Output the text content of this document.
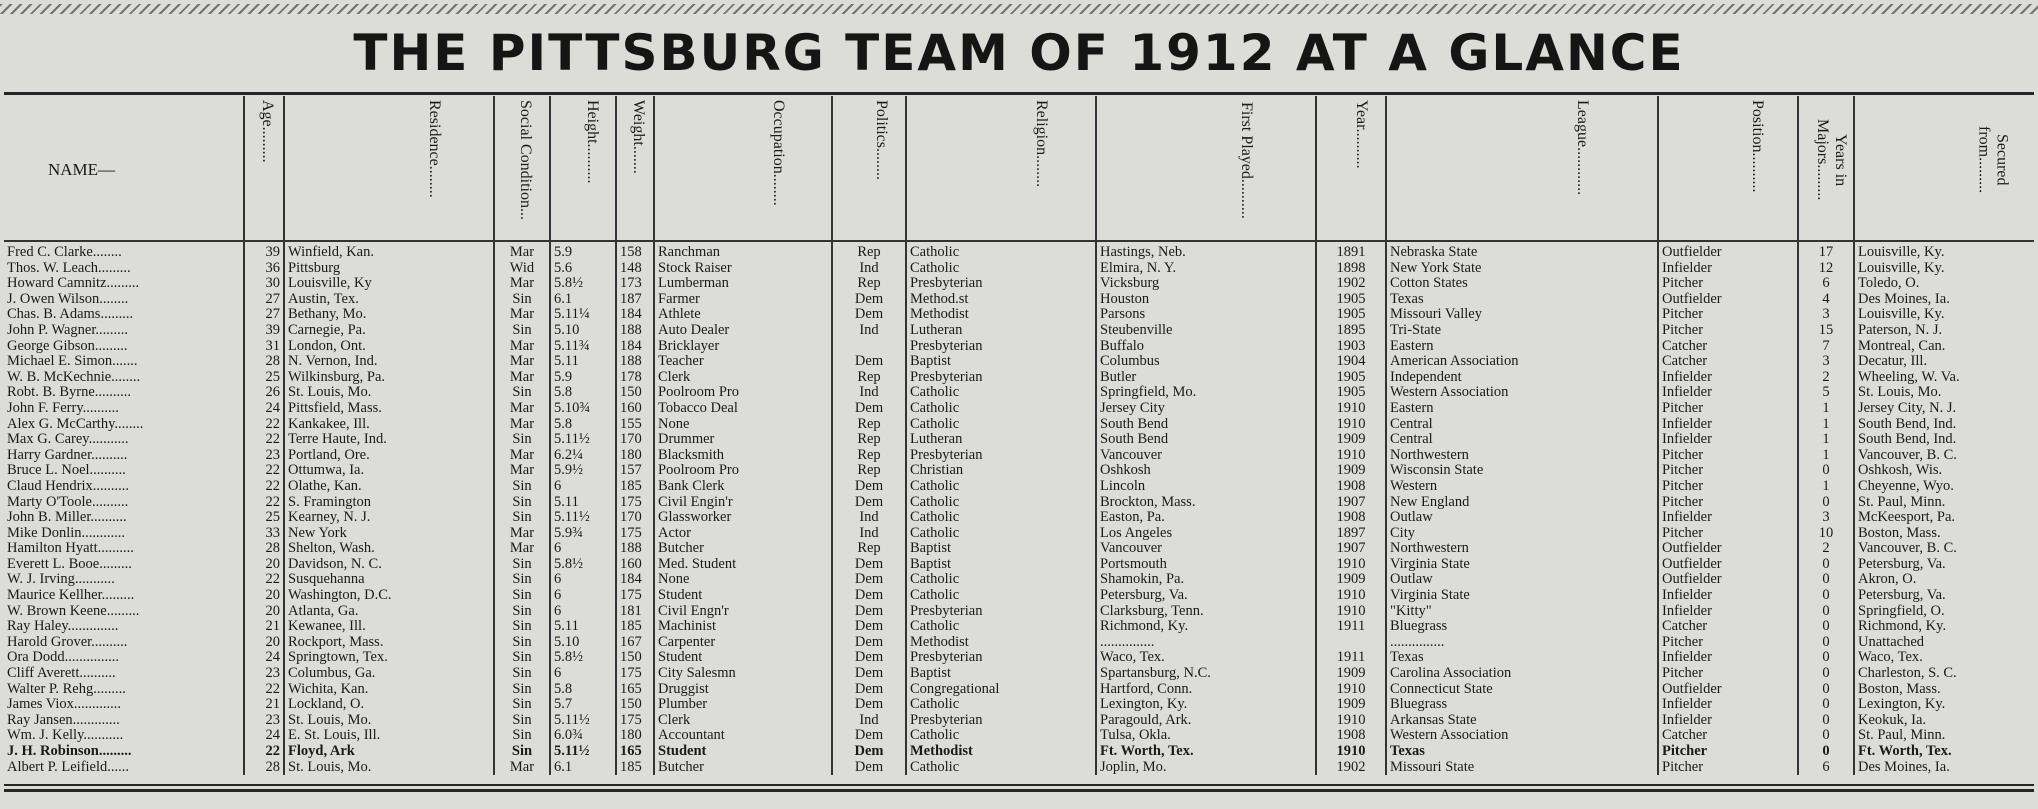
THE PITTSBURG TEAM OF 1912 AT A GLANCE
NAME—	Age.........	Residence........	Social Condition...	Height..........	Weight.......	Occupation........	Politics........	Religion........	First Played..........	Year..........	League............	Position..........	Years in Majors.........	Secured from.........
Fred C. Clarke........	39	Winfield, Kan.	Mar	5.9	158	Ranchman	Rep	Catholic	Hastings, Neb.	1891	Nebraska State	Outfielder	17	Louisville, Ky.
Thos. W. Leach.........	36	Pittsburg	Wid	5.6	148	Stock Raiser	Ind	Catholic	Elmira, N. Y.	1898	New York State	Infielder	12	Louisville, Ky.
Howard Camnitz.........	30	Louisville, Ky	Mar	5.8½	173	Lumberman	Rep	Presbyterian	Vicksburg	1902	Cotton States	Pitcher	6	Toledo, O.
J. Owen Wilson........	27	Austin, Tex.	Sin	6.1	187	Farmer	Dem	Method.st	Houston	1905	Texas	Outfielder	4	Des Moines, Ia.
Chas. B. Adams.........	27	Bethany, Mo.	Mar	5.11¼	184	Athlete	Dem	Methodist	Parsons	1905	Missouri Valley	Pitcher	3	Louisville, Ky.
John P. Wagner.........	39	Carnegie, Pa.	Sin	5.10	188	Auto Dealer	Ind	Lutheran	Steubenville	1895	Tri-State	Pitcher	15	Paterson, N. J.
George Gibson.........	31	London, Ont.	Mar	5.11¾	184	Bricklayer		Presbyterian	Buffalo	1903	Eastern	Catcher	7	Montreal, Can.
Michael E. Simon.......	28	N. Vernon, Ind.	Mar	5.11	188	Teacher	Dem	Baptist	Columbus	1904	American Association	Catcher	3	Decatur, Ill.
W. B. McKechnie........	25	Wilkinsburg, Pa.	Mar	5.9	178	Clerk	Rep	Presbyterian	Butler	1905	Independent	Infielder	2	Wheeling, W. Va.
Robt. B. Byrne..........	26	St. Louis, Mo.	Sin	5.8	150	Poolroom Pro	Ind	Catholic	Springfield, Mo.	1905	Western Association	Infielder	5	St. Louis, Mo.
John F. Ferry..........	24	Pittsfield, Mass.	Mar	5.10¾	160	Tobacco Deal	Dem	Catholic	Jersey City	1910	Eastern	Pitcher	1	Jersey City, N. J.
Alex G. McCarthy........	22	Kankakee, Ill.	Mar	5.8	155	None	Rep	Catholic	South Bend	1910	Central	Infielder	1	South Bend, Ind.
Max G. Carey...........	22	Terre Haute, Ind.	Sin	5.11½	170	Drummer	Rep	Lutheran	South Bend	1909	Central	Infielder	1	South Bend, Ind.
Harry Gardner..........	23	Portland, Ore.	Mar	6.2¼	180	Blacksmith	Rep	Presbyterian	Vancouver	1910	Northwestern	Pitcher	1	Vancouver, B. C.
Bruce L. Noel..........	22	Ottumwa, Ia.	Mar	5.9½	157	Poolroom Pro	Rep	Christian	Oshkosh	1909	Wisconsin State	Pitcher	0	Oshkosh, Wis.
Claud Hendrix..........	22	Olathe, Kan.	Sin	6	185	Bank Clerk	Dem	Catholic	Lincoln	1908	Western	Pitcher	1	Cheyenne, Wyo.
Marty O'Toole..........	22	S. Framington	Sin	5.11	175	Civil Engin'r	Dem	Catholic	Brockton, Mass.	1907	New England	Pitcher	0	St. Paul, Minn.
John B. Miller..........	25	Kearney, N. J.	Sin	5.11½	170	Glassworker	Ind	Catholic	Easton, Pa.	1908	Outlaw	Infielder	3	McKeesport, Pa.
Mike Donlin............	33	New York	Mar	5.9¾	175	Actor	Ind	Catholic	Los Angeles	1897	City	Pitcher	10	Boston, Mass.
Hamilton Hyatt..........	28	Shelton, Wash.	Mar	6	188	Butcher	Rep	Baptist	Vancouver	1907	Northwestern	Outfielder	2	Vancouver, B. C.
Everett L. Booe.........	20	Davidson, N. C.	Sin	5.8½	160	Med. Student	Dem	Baptist	Portsmouth	1910	Virginia State	Outfielder	0	Petersburg, Va.
W. J. Irving...........	22	Susquehanna	Sin	6	184	None	Dem	Catholic	Shamokin, Pa.	1909	Outlaw	Outfielder	0	Akron, O.
Maurice Kellher.........	20	Washington, D.C.	Sin	6	175	Student	Dem	Catholic	Petersburg, Va.	1910	Virginia State	Infielder	0	Petersburg, Va.
W. Brown Keene.........	20	Atlanta, Ga.	Sin	6	181	Civil Engn'r	Dem	Presbyterian	Clarksburg, Tenn.	1910	"Kitty"	Infielder	0	Springfield, O.
Ray Haley..............	21	Kewanee, Ill.	Sin	5.11	185	Machinist	Dem	Catholic	Richmond, Ky.	1911	Bluegrass	Catcher	0	Richmond, Ky.
Harold Grover..........	20	Rockport, Mass.	Sin	5.10	167	Carpenter	Dem	Methodist	...............		...............	Pitcher	0	Unattached
Ora Dodd...............	24	Springtown, Tex.	Sin	5.8½	150	Student	Dem	Presbyterian	Waco, Tex.	1911	Texas	Infielder	0	Waco, Tex.
Cliff Averett..........	23	Columbus, Ga.	Sin	6	175	City Salesmn	Dem	Baptist	Spartansburg, N.C.	1909	Carolina Association	Pitcher	0	Charleston, S. C.
Walter P. Rehg.........	22	Wichita, Kan.	Sin	5.8	165	Druggist	Dem	Congregational	Hartford, Conn.	1910	Connecticut State	Outfielder	0	Boston, Mass.
James Viox.............	21	Lockland, O.	Sin	5.7	150	Plumber	Dem	Catholic	Lexington, Ky.	1909	Bluegrass	Infielder	0	Lexington, Ky.
Ray Jansen.............	23	St. Louis, Mo.	Sin	5.11½	175	Clerk	Ind	Presbyterian	Paragould, Ark.	1910	Arkansas State	Infielder	0	Keokuk, Ia.
Wm. J. Kelly...........	24	E. St. Louis, Ill.	Sin	6.0¾	180	Accountant	Dem	Catholic	Tulsa, Okla.	1908	Western Association	Catcher	0	St. Paul, Minn.
J. H. Robinson.........	22	Floyd, Ark	Sin	5.11½	165	Student	Dem	Methodist	Ft. Worth, Tex.	1910	Texas	Pitcher	0	Ft. Worth, Tex.
Albert P. Leifield......	28	St. Louis, Mo.	Mar	6.1	185	Butcher	Dem	Catholic	Joplin, Mo.	1902	Missouri State	Pitcher	6	Des Moines, Ia.
